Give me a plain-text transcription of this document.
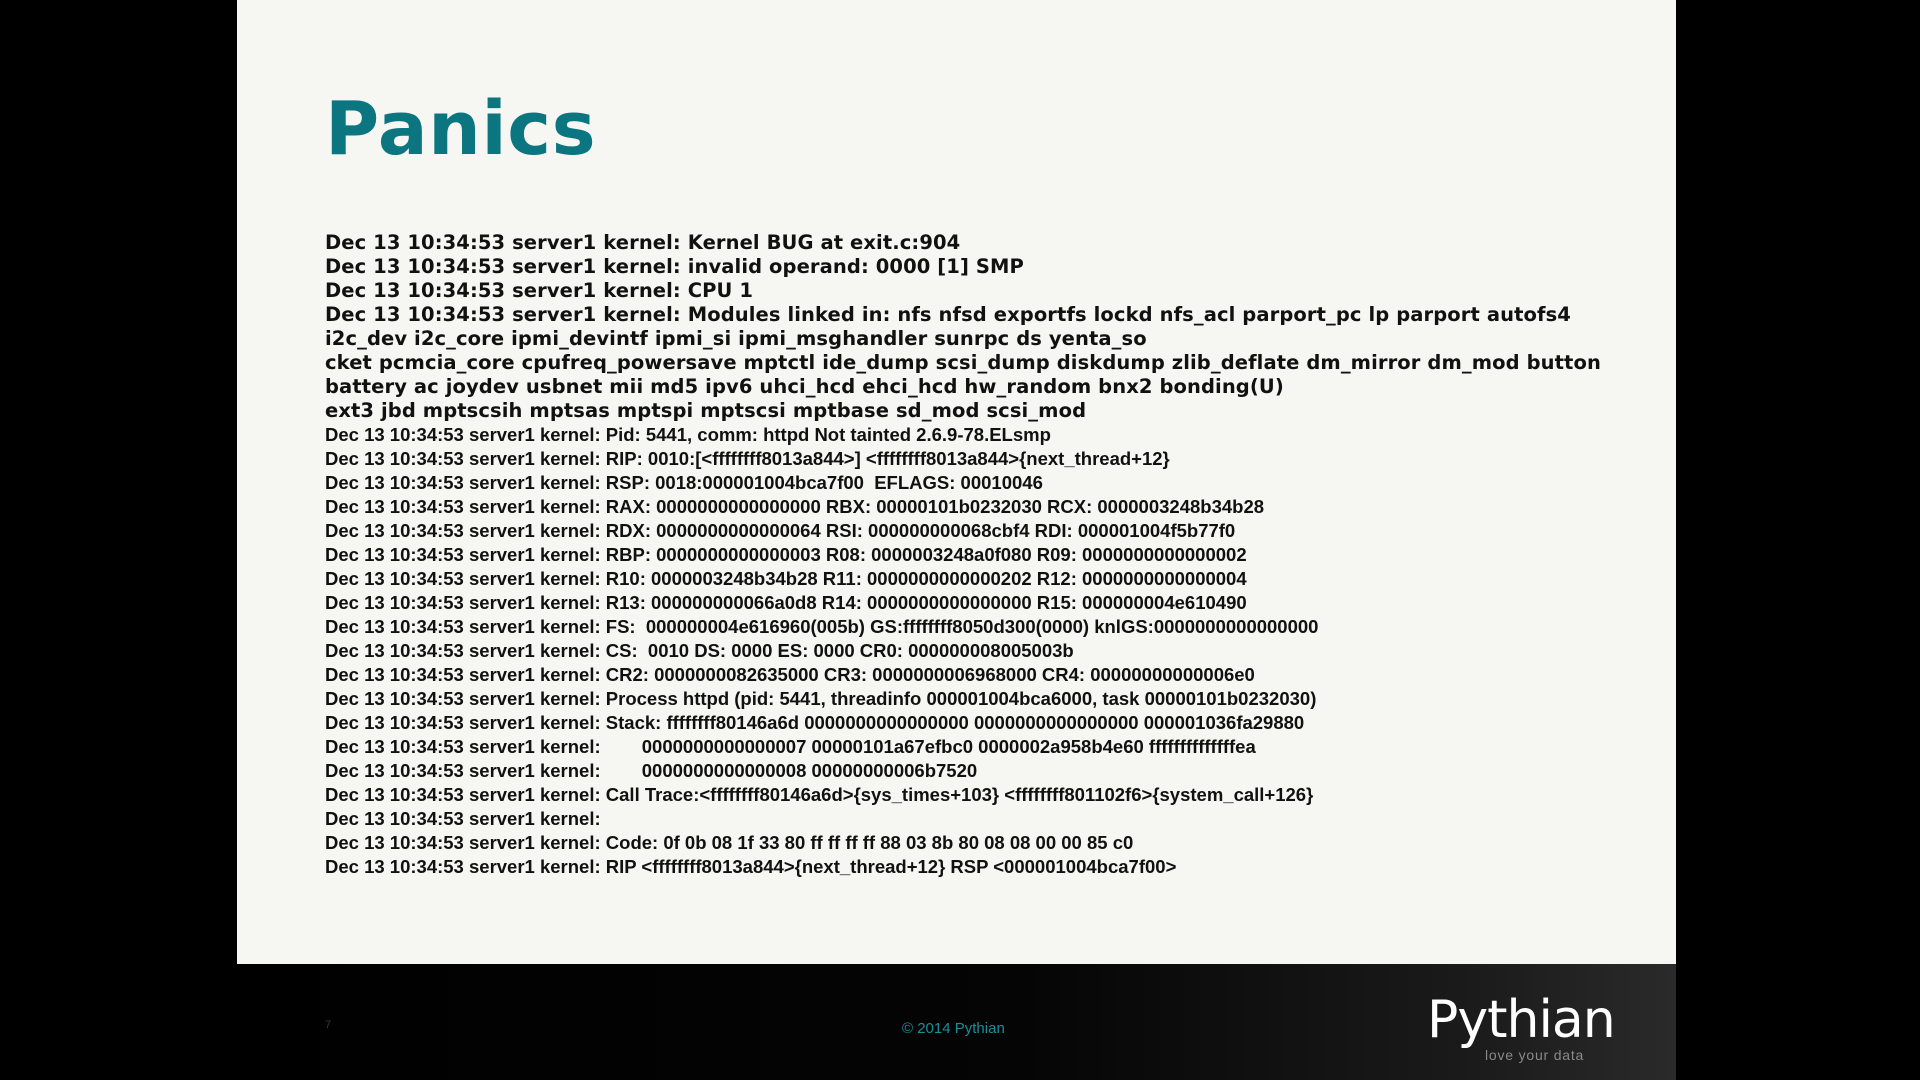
Panics
Dec 13 10:34:53 server1 kernel: Kernel BUG at exit.c:904
Dec 13 10:34:53 server1 kernel: invalid operand: 0000 [1] SMP
Dec 13 10:34:53 server1 kernel: CPU 1
Dec 13 10:34:53 server1 kernel: Modules linked in: nfs nfsd exportfs lockd nfs_acl parport_pc lp parport autofs4
i2c_dev i2c_core ipmi_devintf ipmi_si ipmi_msghandler sunrpc ds yenta_so
cket pcmcia_core cpufreq_powersave mptctl ide_dump scsi_dump diskdump zlib_deflate dm_mirror dm_mod button
battery ac joydev usbnet mii md5 ipv6 uhci_hcd ehci_hcd hw_random bnx2 bonding(U)
ext3 jbd mptscsih mptsas mptspi mptscsi mptbase sd_mod scsi_mod
Dec 13 10:34:53 server1 kernel: Pid: 5441, comm: httpd Not tainted 2.6.9-78.ELsmp
Dec 13 10:34:53 server1 kernel: RIP: 0010:[<ffffffff8013a844>] <ffffffff8013a844>{next_thread+12}
Dec 13 10:34:53 server1 kernel: RSP: 0018:000001004bca7f00  EFLAGS: 00010046
Dec 13 10:34:53 server1 kernel: RAX: 0000000000000000 RBX: 00000101b0232030 RCX: 0000003248b34b28
Dec 13 10:34:53 server1 kernel: RDX: 0000000000000064 RSI: 000000000068cbf4 RDI: 000001004f5b77f0
Dec 13 10:34:53 server1 kernel: RBP: 0000000000000003 R08: 0000003248a0f080 R09: 0000000000000002
Dec 13 10:34:53 server1 kernel: R10: 0000003248b34b28 R11: 0000000000000202 R12: 0000000000000004
Dec 13 10:34:53 server1 kernel: R13: 000000000066a0d8 R14: 0000000000000000 R15: 000000004e610490
Dec 13 10:34:53 server1 kernel: FS:  000000004e616960(005b) GS:ffffffff8050d300(0000) knlGS:0000000000000000
Dec 13 10:34:53 server1 kernel: CS:  0010 DS: 0000 ES: 0000 CR0: 000000008005003b
Dec 13 10:34:53 server1 kernel: CR2: 0000000082635000 CR3: 0000000006968000 CR4: 00000000000006e0
Dec 13 10:34:53 server1 kernel: Process httpd (pid: 5441, threadinfo 000001004bca6000, task 00000101b0232030)
Dec 13 10:34:53 server1 kernel: Stack: ffffffff80146a6d 0000000000000000 0000000000000000 000001036fa29880
Dec 13 10:34:53 server1 kernel:        0000000000000007 00000101a67efbc0 0000002a958b4e60 ffffffffffffffea
Dec 13 10:34:53 server1 kernel:        0000000000000008 00000000006b7520
Dec 13 10:34:53 server1 kernel: Call Trace:<ffffffff80146a6d>{sys_times+103} <ffffffff801102f6>{system_call+126}
Dec 13 10:34:53 server1 kernel:
Dec 13 10:34:53 server1 kernel: Code: 0f 0b 08 1f 33 80 ff ff ff ff 88 03 8b 80 08 08 00 00 85 c0
Dec 13 10:34:53 server1 kernel: RIP <ffffffff8013a844>{next_thread+12} RSP <000001004bca7f00>
7	© 2014 Pythian	Pythian
love your data
